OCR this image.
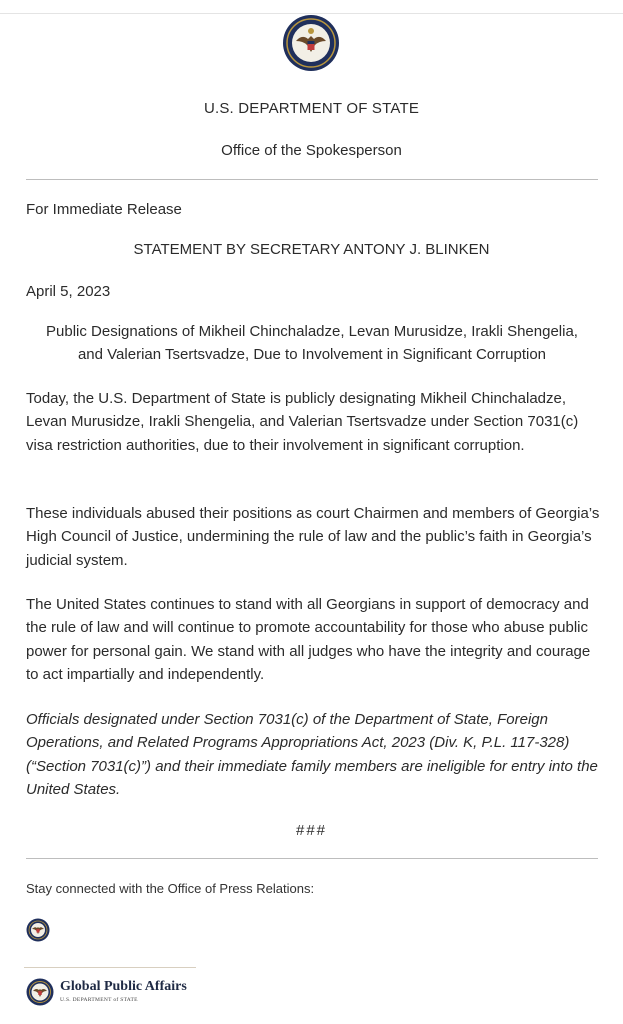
U.S. DEPARTMENT OF STATE
Office of the Spokesperson
For Immediate Release
STATEMENT BY SECRETARY ANTONY J. BLINKEN
April 5, 2023
Public Designations of Mikheil Chinchaladze, Levan Murusidze, Irakli Shengelia,
and Valerian Tsertsvadze, Due to Involvement in Significant Corruption

Today, the U.S. Department of State is publicly designating Mikheil Chinchaladze, Levan Murusidze, Irakli Shengelia, and Valerian Tsertsvadze under Section 7031(c) visa restriction authorities, due to their involvement in significant corruption.

These individuals abused their positions as court Chairmen and members of Georgia’s High Council of Justice, undermining the rule of law and the public’s faith in Georgia’s judicial system.

The United States continues to stand with all Georgians in support of democracy and the rule of law and will continue to promote accountability for those who abuse public power for personal gain. We stand with all judges who have the integrity and courage to act impartially and independently.

Officials designated under Section 7031(c) of the Department of State, Foreign Operations, and Related Programs Appropriations Act, 2023 (Div. K, P.L. 117-328) (“Section 7031(c)”) and their immediate family members are ineligible for entry into the United States.

###
Stay connected with the Office of Press Relations:
Global Public Affairs
U.S. DEPARTMENT of STATE
